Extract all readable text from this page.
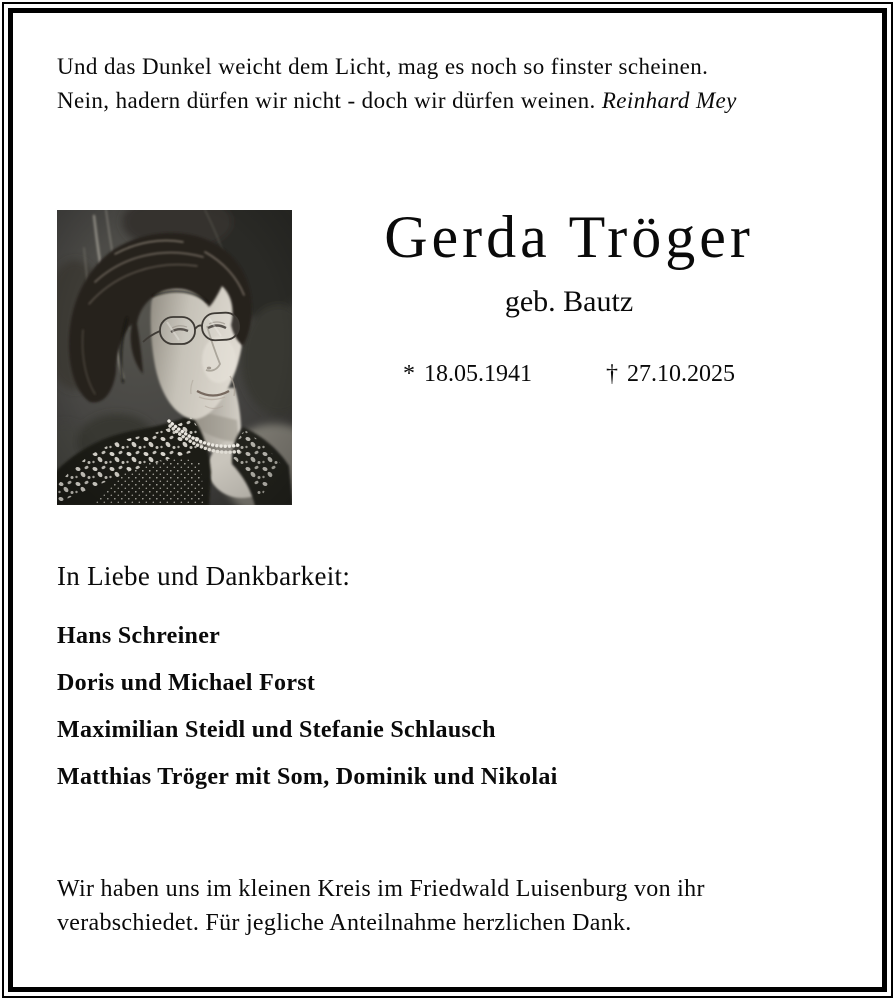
Und das Dunkel weicht dem Licht, mag es noch so finster scheinen.
Nein, hadern dürfen wir nicht - doch wir dürfen weinen. Reinhard Mey
Gerda Tröger
geb. Bautz
* 18.05.1941	† 27.10.2025
In Liebe und Dankbarkeit:
Hans Schreiner
Doris und Michael Forst
Maximilian Steidl und Stefanie Schlausch
Matthias Tröger mit Som, Dominik und Nikolai
Wir haben uns im kleinen Kreis im Friedwald Luisenburg von ihr
verabschiedet. Für jegliche Anteilnahme herzlichen Dank.
